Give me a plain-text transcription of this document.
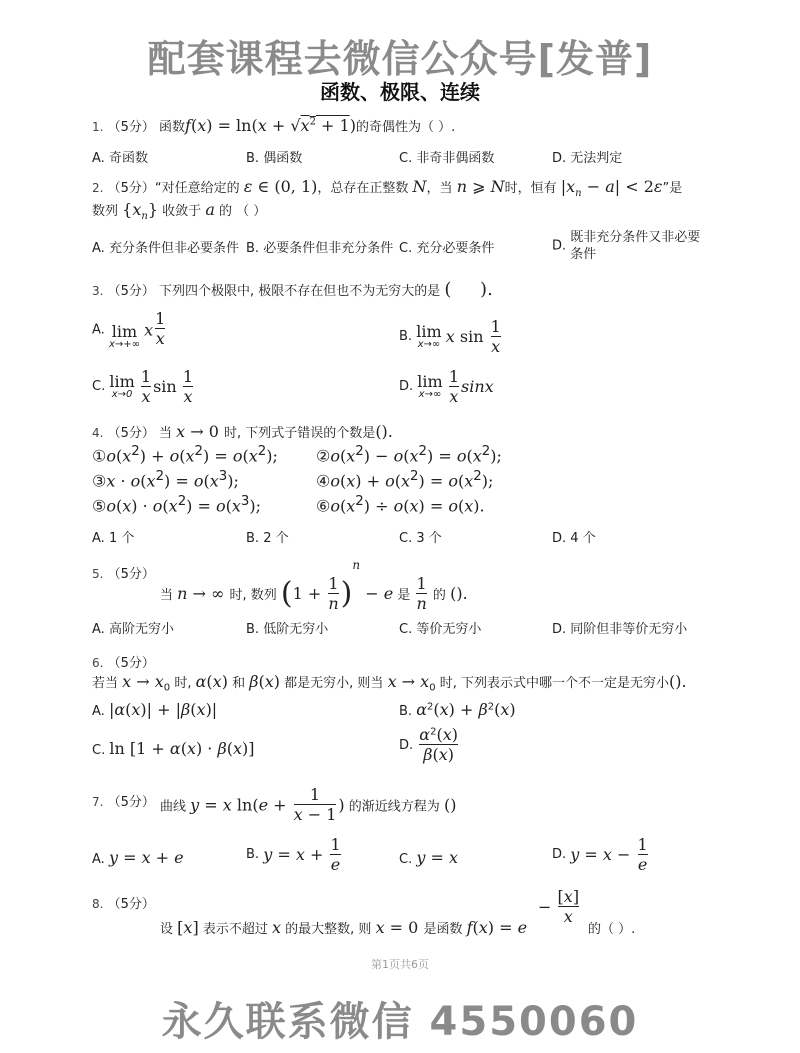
配套课程去微信公众号[发普]
函数、极限、连续
1. （5分） 函数$f(x) = \ln(x + √x^2 + 1)$的奇偶性为（ ）.
A. 奇函数	B. 偶函数	C. 非奇非偶函数	D. 无法判定
2. （5分）“对任意给定的 ε ∈ (0, 1)，总存在正整数 N，当 n ⩾ N时，恒有 $|x_n - a| < 2\varepsilon$”是
数列 $\{x_n\}$ 收敛于 a 的 （ ）
A. 充分条件但非必要条件 B. 必要条件但非充分条件 C. 充分必要条件	D. 既非充分条件又非必要
条件
3. （5分） 下列四个极限中, 极限不存在但也不为无穷大的是 (     ).
A. lim
x→+∞
x $\frac{1}{x}$	B. lim
x→∞ x $\sin \frac{1}{x}$
C. lim
x→0
$\frac{1}{x}$ $\sin \frac{1}{x}$	D. lim
x→∞
$\frac{1}{x}$ sinx
4. （5分） 当 x → 0 时, 下列式子错误的个数是().
$①o(x^2) + o(x^2) = o(x^2)$; $②o(x^2) - o(x^2) = o(x^2)$;
③x · $o(x^2) = o(x^3)$;	④o(x) + $o(x^2) = o(x^2)$;
⑤o(x) · $o(x^2) = o(x^3)$;	$⑥o(x^2) \div o(x) = o(x)$.
A. 1 个	B. 2 个	C. 3 个	D. 4 个
5. （5分）
当 n → ∞ 时, 数列 $(1 + \frac{1}{n} )^n - e$ 是 $\frac{1}{n}$ 的 ().
A. 高阶无穷小	B. 低阶无穷小	C. 等价无穷小	D. 同阶但非等价无穷小
6. （5分）
若当 $x \to x_0$ 时, α(x) 和 β(x) 都是无穷小, 则当 $x \to x_0$ 时, 下列表示式中哪一个不一定是无穷小().
A. |α(x)| + |β(x)|	B. $\alpha^2(x) + \beta^2(x)$
C. ln [1 + α(x) · β(x)]	D. $\frac{\alpha^2(x)}{\beta(x)}$
7. （5分） 曲线 y = x $\ln(e + \frac{1}{x - 1}$ ) 的渐近线方程为 ()
A. y = x + e	B. $y = x + \frac{1}{e}$	C. y = x	D. $y = x - \frac{1}{e}$
8. （5分）
设 [x] 表示不超过 x 的最大整数, 则 x = 0 是函数 f(x) = e
− $\frac{[x]}{x}$
的（ ）.
第1页共6页
永久联系微信 4550060
